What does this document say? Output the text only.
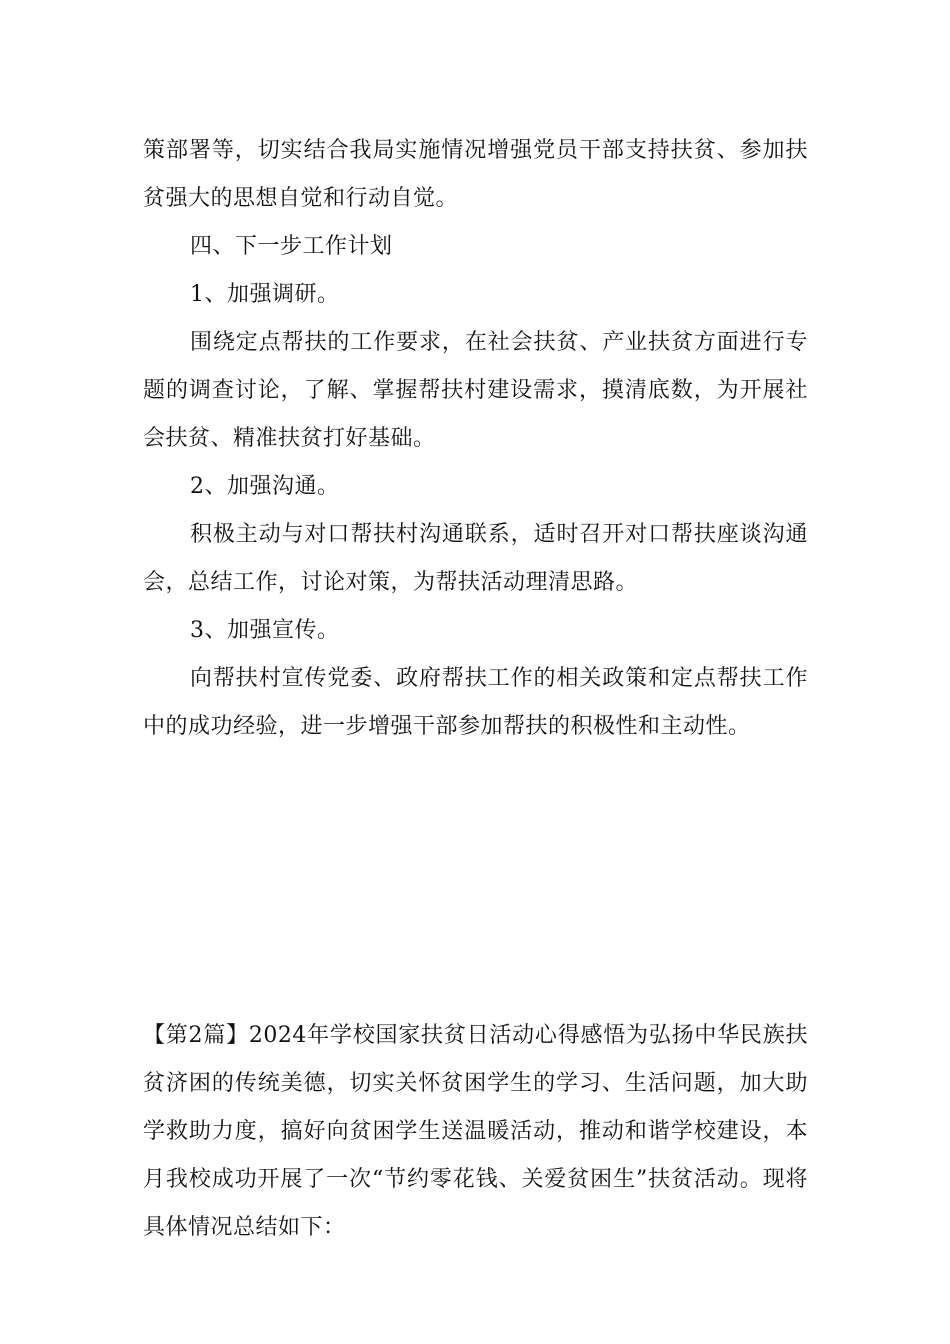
策部署等，切实结合我局实施情况增强党员干部支持扶贫、参加扶贫强大的思想自觉和行动自觉。

四、下一步工作计划

1、加强调研。

围绕定点帮扶的工作要求，在社会扶贫、产业扶贫方面进行专题的调查讨论，了解、掌握帮扶村建设需求，摸清底数，为开展社会扶贫、精准扶贫打好基础。

2、加强沟通。

积极主动与对口帮扶村沟通联系，适时召开对口帮扶座谈沟通会，总结工作，讨论对策，为帮扶活动理清思路。

3、加强宣传。

向帮扶村宣传党委、政府帮扶工作的相关政策和定点帮扶工作中的成功经验，进一步增强干部参加帮扶的积极性和主动性。

【第2篇】2024年学校国家扶贫日活动心得感悟为弘扬中华民族扶贫济困的传统美德，切实关怀贫困学生的学习、生活问题，加大助学救助力度，搞好向贫困学生送温暖活动，推动和谐学校建设，本月我校成功开展了一次“节约零花钱、关爱贫困生”扶贫活动。现将具体情况总结如下：
